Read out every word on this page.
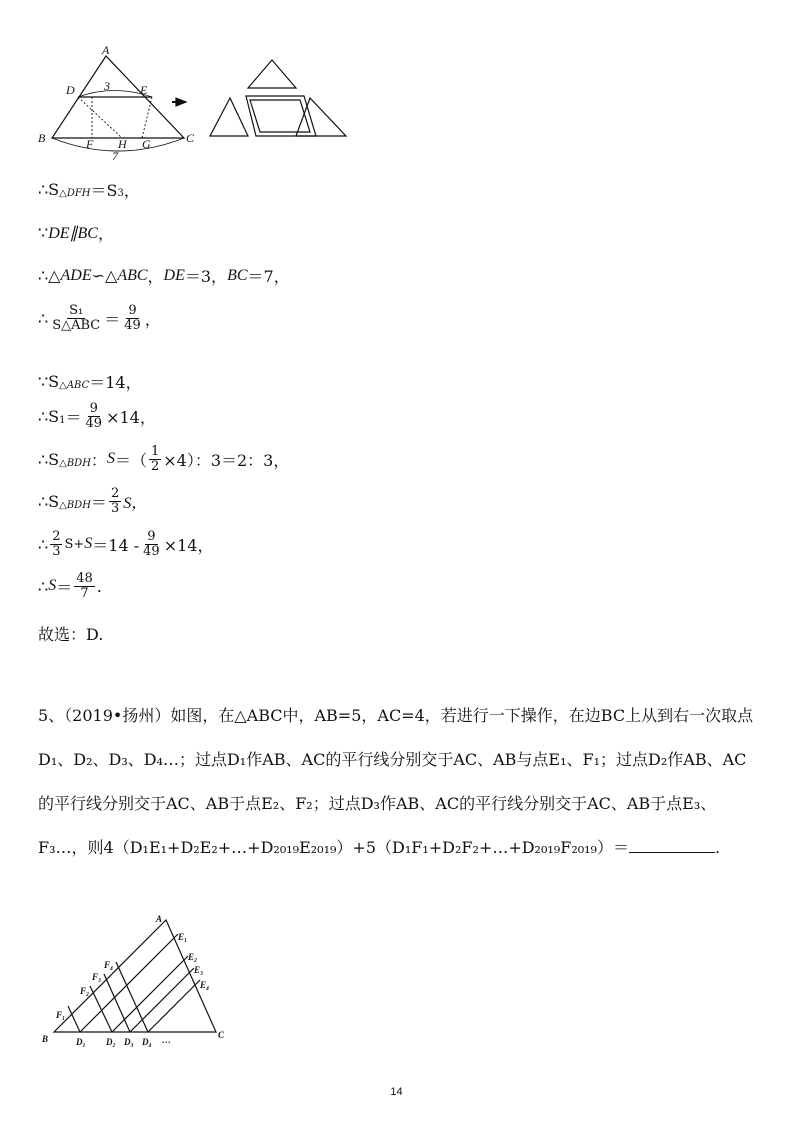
A
B	C
D	E
F	G
H
3
7
∴S △DFH ＝S 3 ，
∵ DE∥BC ，
∴△ ADE ∽△ ABC ， DE ＝3， BC ＝7，
∴ $\frac{\text{S₁}}{\text{S△ABC}} = \frac{9}{49}$ ，
∵S △ABC ＝14，
∴S $1 = \frac{9}{49} \times 14$，
∴S △BDH ： S ＝（ $\frac{1}{2} \times 4$）：3＝2：3，
∴S △BDH ＝ $\frac{2}{3}$ S，
∴ $\frac{2}{3} S+ S =14 - \frac{9}{49} \times 14$，
∴ $S = \frac{48}{7}$ .
故选：D.
5、（2019•扬州）如图，在△ABC中，AB=5，AC=4，若进行一下操作，在边BC上从到右一次取点D₁、D₂、D₃、D₄…；过点D₁作AB、AC的平行线分别交于AC、AB与点E₁、F₁；过点D₂作AB、AC的平行线分别交于AC、AB于点E₂、F₂；过点D₃作AB、AC的平行线分别交于AC、AB于点E₃、F₃…，则4（D₁E₁+D₂E₂+…+D₂₀₁₉E₂₀₁₉）+5（D₁F₁+D₂F₂+…+D₂₀₁₉F₂₀₁₉）＝	.
A
B	C
E₁
E₂
E₃
E₄
F₁
F₂
F₃
F₄
D₁ D₂ D₃ D₄ …
14
